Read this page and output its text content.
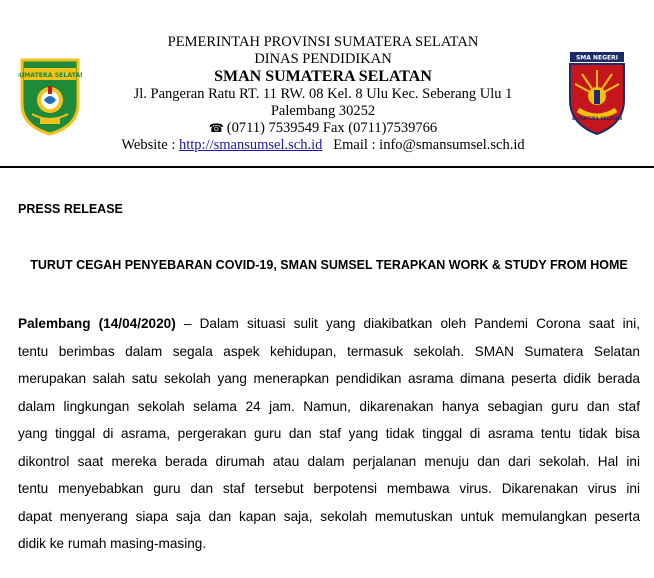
SUMATERA SELATAN
PEMERINTAH PROVINSI SUMATERA SELATAN
DINAS PENDIDIKAN
SMAN SUMATERA SELATAN
Jl. Pangeran Ratu RT. 11 RW. 08 Kel. 8 Ulu Kec. Seberang Ulu 1
Palembang 30252
☎ (0711) 7539549 Fax (0711)7539766
Website : http://smansumsel.sch.id Email : info@smansumsel.sch.id
SMA NEGERI
SUMATERA SELATAN

PRESS RELEASE

TURUT CEGAH PENYEBARAN COVID-19, SMAN SUMSEL TERAPKAN WORK & STUDY FROM HOME

Palembang (14/04/2020) – Dalam situasi sulit yang diakibatkan oleh Pandemi Corona saat ini,
tentu berimbas dalam segala aspek kehidupan, termasuk sekolah. SMAN Sumatera Selatan
merupakan salah satu sekolah yang menerapkan pendidikan asrama dimana peserta didik berada
dalam lingkungan sekolah selama 24 jam. Namun, dikarenakan hanya sebagian guru dan staf
yang tinggal di asrama, pergerakan guru dan staf yang tidak tinggal di asrama tentu tidak bisa
dikontrol saat mereka berada dirumah atau dalam perjalanan menuju dan dari sekolah. Hal ini
tentu menyebabkan guru dan staf tersebut berpotensi membawa virus. Dikarenakan virus ini
dapat menyerang siapa saja dan kapan saja, sekolah memutuskan untuk memulangkan peserta
didik ke rumah masing-masing.
